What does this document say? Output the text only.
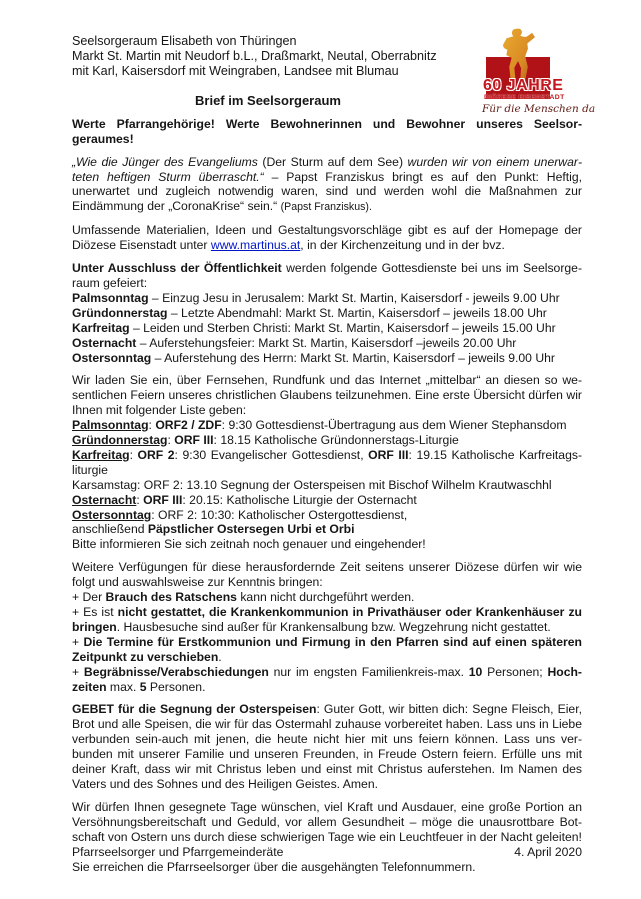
60 JAHRE
DIÖZESE EISENSTADT
Für die Menschen da

Seelsorgeraum Elisabeth von Thüringen

Markt St. Martin mit Neudorf b.L., Draßmarkt, Neutal, Oberrabnitz

mit Karl, Kaisersdorf mit Weingraben, Landsee mit Blumau

Brief im Seelsorgeraum

Werte Pfarrangehörige! Werte Bewohnerinnen und Bewohner unseres Seelsorgeraumes!

„Wie die Jünger des Evangeliums (Der Sturm auf dem See) wurden wir von einem unerwarteten heftigen Sturm überrascht.“ – Papst Franziskus bringt es auf den Punkt: Heftig, unerwartet und zugleich notwendig waren, sind und werden wohl die Maßnahmen zur Eindämmung der „CoronaKrise“ sein.“ (Papst Franziskus).

Umfassende Materialien, Ideen und Gestaltungsvorschläge gibt es auf der Homepage der Diözese Eisenstadt unter www.martinus.at, in der Kirchenzeitung und in der bvz.

Unter Ausschluss der Öffentlichkeit werden folgende Gottesdienste bei uns im Seelsorgeraum gefeiert:

Palmsonntag – Einzug Jesu in Jerusalem: Markt St. Martin, Kaisersdorf - jeweils 9.00 Uhr

Gründonnerstag – Letzte Abendmahl: Markt St. Martin, Kaisersdorf – jeweils 18.00 Uhr

Karfreitag – Leiden und Sterben Christi: Markt St. Martin, Kaisersdorf – jeweils 15.00 Uhr

Osternacht – Auferstehungsfeier: Markt St. Martin, Kaisersdorf –jeweils 20.00 Uhr

Ostersonntag – Auferstehung des Herrn: Markt St. Martin, Kaisersdorf – jeweils 9.00 Uhr

Wir laden Sie ein, über Fernsehen, Rundfunk und das Internet „mittelbar“ an diesen so wesentlichen Feiern unseres christlichen Glaubens teilzunehmen. Eine erste Übersicht dürfen wir Ihnen mit folgender Liste geben:

Palmsonntag: ORF2 / ZDF: 9:30 Gottesdienst-Übertragung aus dem Wiener Stephansdom

Gründonnerstag: ORF III: 18.15 Katholische Gründonnerstags-Liturgie

Karfreitag: ORF 2: 9:30 Evangelischer Gottesdienst, ORF III: 19.15 Katholische Karfreitagsliturgie

Karsamstag: ORF 2: 13.10 Segnung der Osterspeisen mit Bischof Wilhelm Krautwaschhl

Osternacht: ORF III: 20.15: Katholische Liturgie der Osternacht

Ostersonntag: ORF 2: 10:30: Katholischer Ostergottesdienst,

anschließend Päpstlicher Ostersegen Urbi et Orbi

Bitte informieren Sie sich zeitnah noch genauer und eingehender!

Weitere Verfügungen für diese herausfordernde Zeit seitens unserer Diözese dürfen wir wie folgt und auswahlsweise zur Kenntnis bringen:

+ Der Brauch des Ratschens kann nicht durchgeführt werden.

+ Es ist nicht gestattet, die Krankenkommunion in Privathäuser oder Krankenhäuser zu bringen. Hausbesuche sind außer für Krankensalbung bzw. Wegzehrung nicht gestattet.

+ Die Termine für Erstkommunion und Firmung in den Pfarren sind auf einen späteren Zeitpunkt zu verschieben.

+ Begräbnisse/Verabschiedungen nur im engsten Familienkreis-max. 10 Personen; Hochzeiten max. 5 Personen.

GEBET für die Segnung der Osterspeisen: Guter Gott, wir bitten dich: Segne Fleisch, Eier, Brot und alle Speisen, die wir für das Ostermahl zuhause vorbereitet haben. Lass uns in Liebe verbunden sein-auch mit jenen, die heute nicht hier mit uns feiern können. Lass uns verbunden mit unserer Familie und unseren Freunden, in Freude Ostern feiern. Erfülle uns mit deiner Kraft, dass wir mit Christus leben und einst mit Christus auferstehen. Im Namen des Vaters und des Sohnes und des Heiligen Geistes. Amen.

Wir dürfen Ihnen gesegnete Tage wünschen, viel Kraft und Ausdauer, eine große Portion an Versöhnungsbereitschaft und Geduld, vor allem Gesundheit – möge die unausrottbare Botschaft von Ostern uns durch diese schwierigen Tage wie ein Leuchtfeuer in der Nacht geleiten!

Pfarrseelsorger und Pfarrgemeinderäte	4. April 2020

Sie erreichen die Pfarrseelsorger über die ausgehängten Telefonnummern.
